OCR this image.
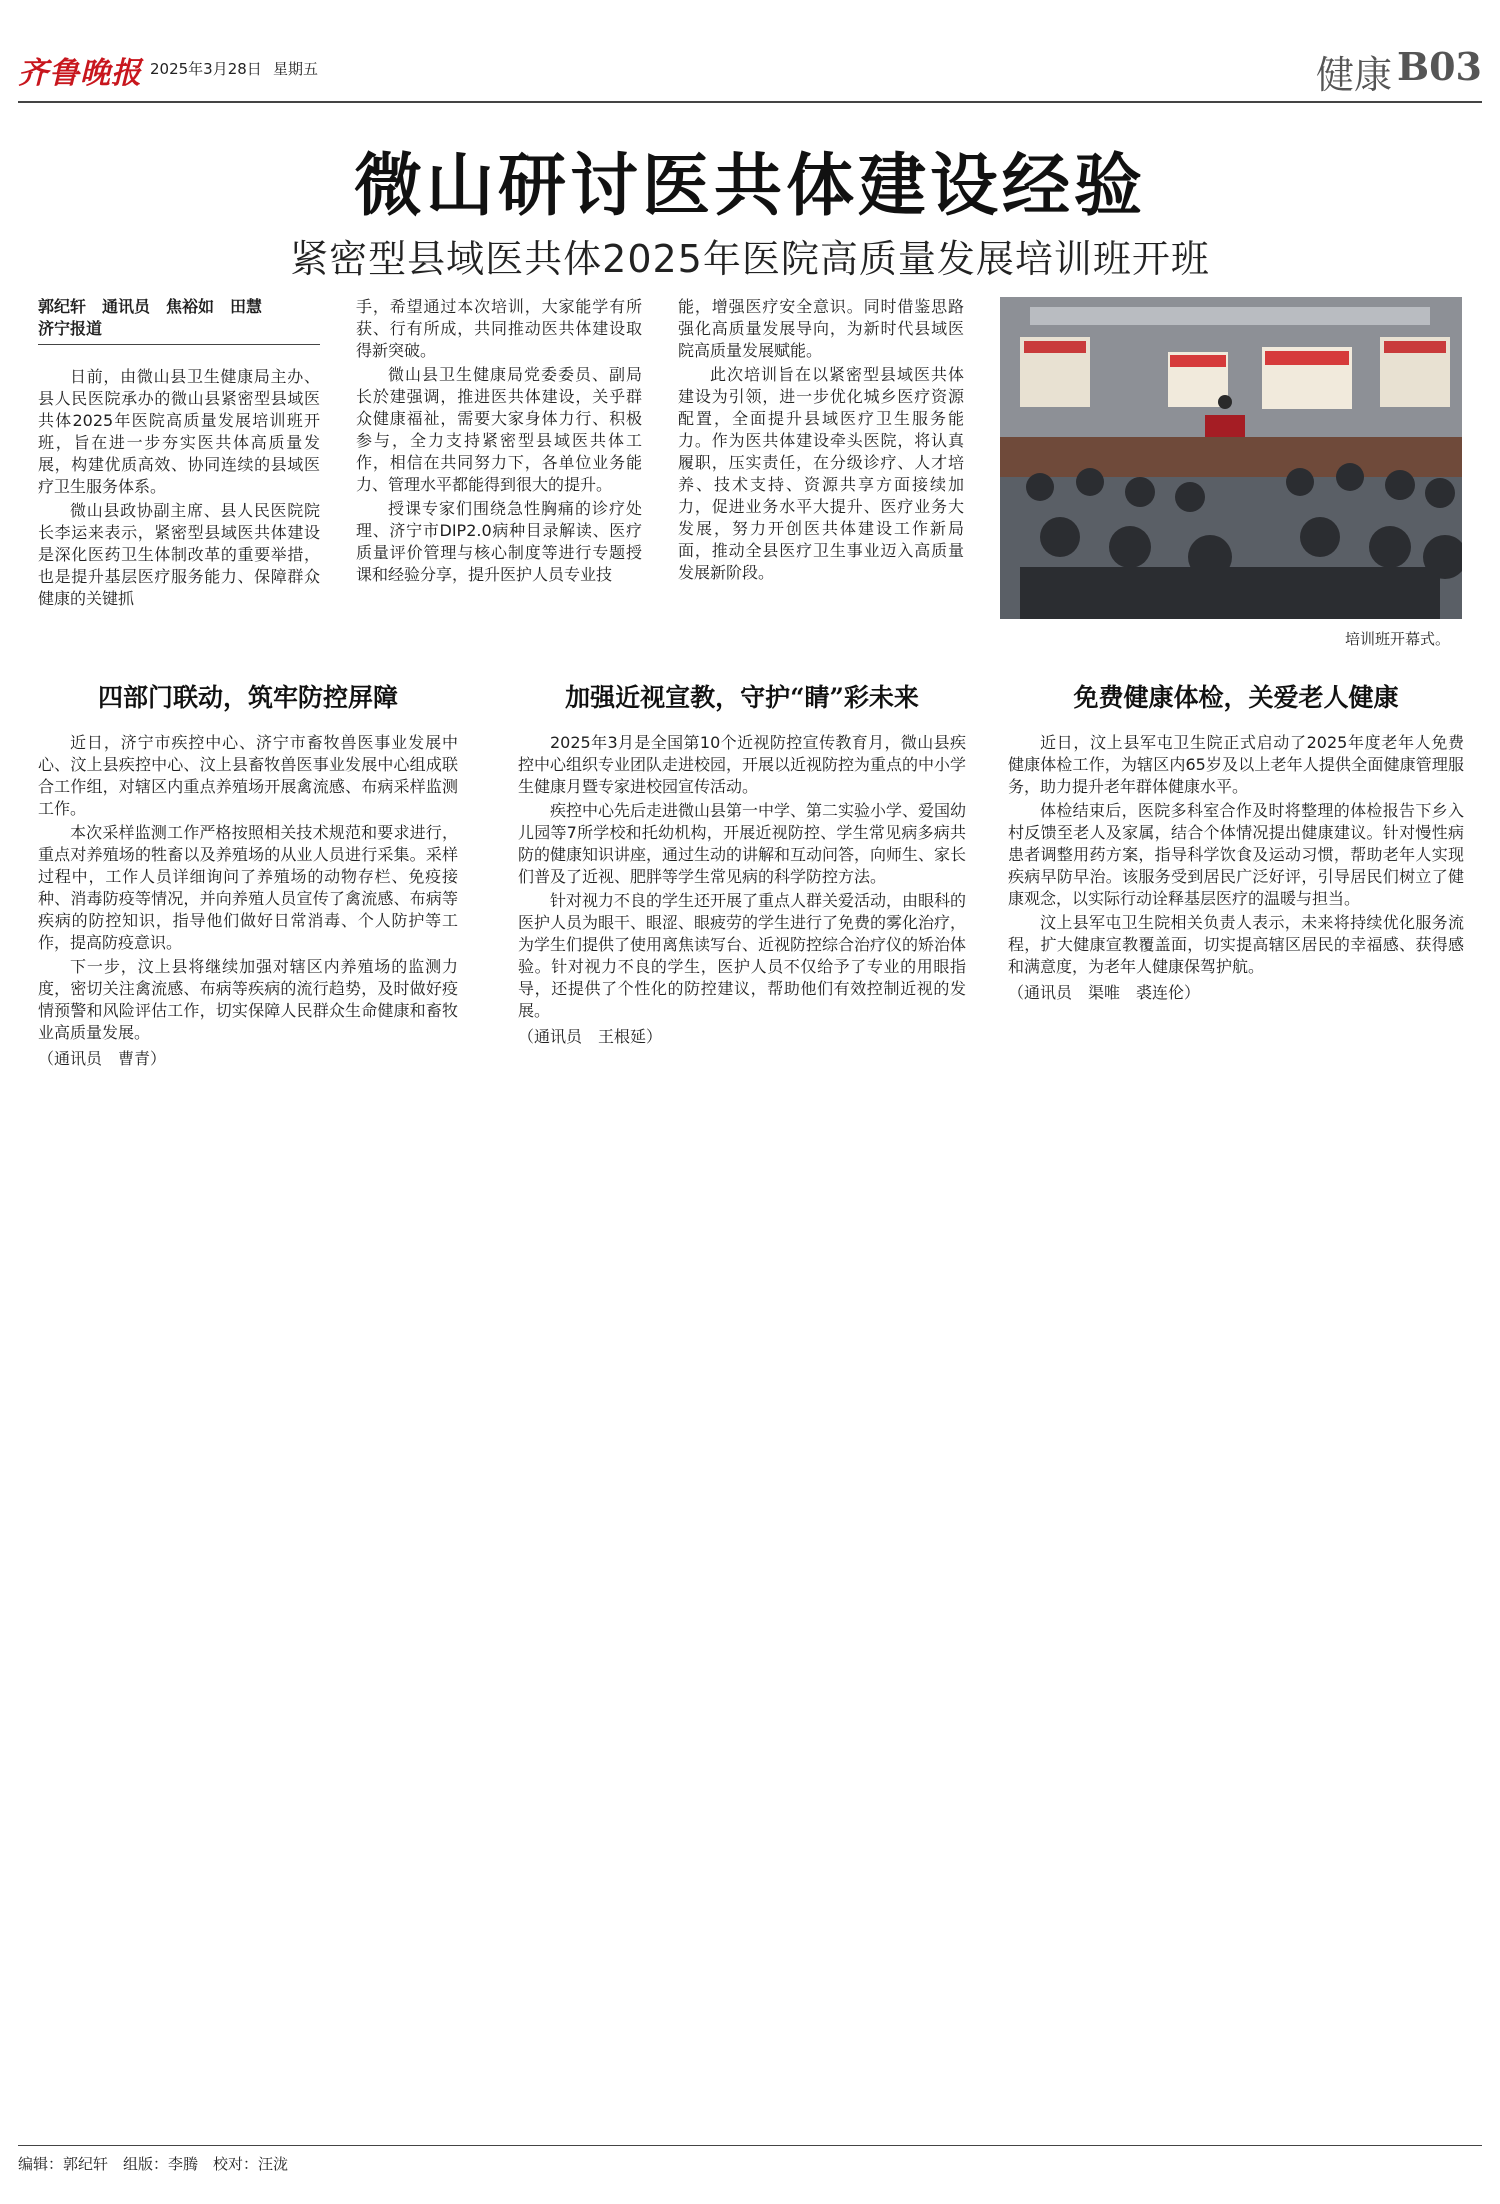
齐鲁晚报 2025年3月28日 星期五	健康 B03
微山研讨医共体建设经验
紧密型县域医共体2025年医院高质量发展培训班开班
郭纪轩　通讯员　焦裕如　田慧
济宁报道

日前，由微山县卫生健康局主办、县人民医院承办的微山县紧密型县域医共体2025年医院高质量发展培训班开班，旨在进一步夯实医共体高质量发展，构建优质高效、协同连续的县域医疗卫生服务体系。

微山县政协副主席、县人民医院院长李运来表示，紧密型县域医共体建设是深化医药卫生体制改革的重要举措，也是提升基层医疗服务能力、保障群众健康的关键抓

手，希望通过本次培训，大家能学有所获、行有所成，共同推动医共体建设取得新突破。

微山县卫生健康局党委委员、副局长於建强调，推进医共体建设，关乎群众健康福祉，需要大家身体力行、积极参与，全力支持紧密型县域医共体工作，相信在共同努力下，各单位业务能力、管理水平都能得到很大的提升。

授课专家们围绕急性胸痛的诊疗处理、济宁市DIP2.0病种目录解读、医疗质量评价管理与核心制度等进行专题授课和经验分享，提升医护人员专业技

能，增强医疗安全意识。同时借鉴思路强化高质量发展导向，为新时代县域医院高质量发展赋能。

此次培训旨在以紧密型县域医共体建设为引领，进一步优化城乡医疗资源配置，全面提升县域医疗卫生服务能力。作为医共体建设牵头医院，将认真履职，压实责任，在分级诊疗、人才培养、技术支持、资源共享方面接续加力，促进业务水平大提升、医疗业务大发展，努力开创医共体建设工作新局面，推动全县医疗卫生事业迈入高质量发展新阶段。

培训班开幕式。
四部门联动，筑牢防控屏障	加强近视宣教，守护“睛”彩未来	免费健康体检，关爱老人健康

近日，济宁市疾控中心、济宁市畜牧兽医事业发展中心、汶上县疾控中心、汶上县畜牧兽医事业发展中心组成联合工作组，对辖区内重点养殖场开展禽流感、布病采样监测工作。

本次采样监测工作严格按照相关技术规范和要求进行，重点对养殖场的牲畜以及养殖场的从业人员进行采集。采样过程中，工作人员详细询问了养殖场的动物存栏、免疫接种、消毒防疫等情况，并向养殖人员宣传了禽流感、布病等疾病的防控知识，指导他们做好日常消毒、个人防护等工作，提高防疫意识。

下一步，汶上县将继续加强对辖区内养殖场的监测力度，密切关注禽流感、布病等疾病的流行趋势，及时做好疫情预警和风险评估工作，切实保障人民群众生命健康和畜牧业高质量发展。

（通讯员　曹青）

2025年3月是全国第10个近视防控宣传教育月，微山县疾控中心组织专业团队走进校园，开展以近视防控为重点的中小学生健康月暨专家进校园宣传活动。

疾控中心先后走进微山县第一中学、第二实验小学、爱国幼儿园等7所学校和托幼机构，开展近视防控、学生常见病多病共防的健康知识讲座，通过生动的讲解和互动问答，向师生、家长们普及了近视、肥胖等学生常见病的科学防控方法。

针对视力不良的学生还开展了重点人群关爱活动，由眼科的医护人员为眼干、眼涩、眼疲劳的学生进行了免费的雾化治疗，为学生们提供了使用离焦读写台、近视防控综合治疗仪的矫治体验。针对视力不良的学生，医护人员不仅给予了专业的用眼指导，还提供了个性化的防控建议，帮助他们有效控制近视的发展。

（通讯员　王根延）

近日，汶上县军屯卫生院正式启动了2025年度老年人免费健康体检工作，为辖区内65岁及以上老年人提供全面健康管理服务，助力提升老年群体健康水平。

体检结束后，医院多科室合作及时将整理的体检报告下乡入村反馈至老人及家属，结合个体情况提出健康建议。针对慢性病患者调整用药方案，指导科学饮食及运动习惯，帮助老年人实现疾病早防早治。该服务受到居民广泛好评，引导居民们树立了健康观念，以实际行动诠释基层医疗的温暖与担当。

汶上县军屯卫生院相关负责人表示，未来将持续优化服务流程，扩大健康宣教覆盖面，切实提高辖区居民的幸福感、获得感和满意度，为老年人健康保驾护航。

（通讯员　渠唯　裘连伦）
编辑：郭纪轩　组版：李腾　校对：汪泷
